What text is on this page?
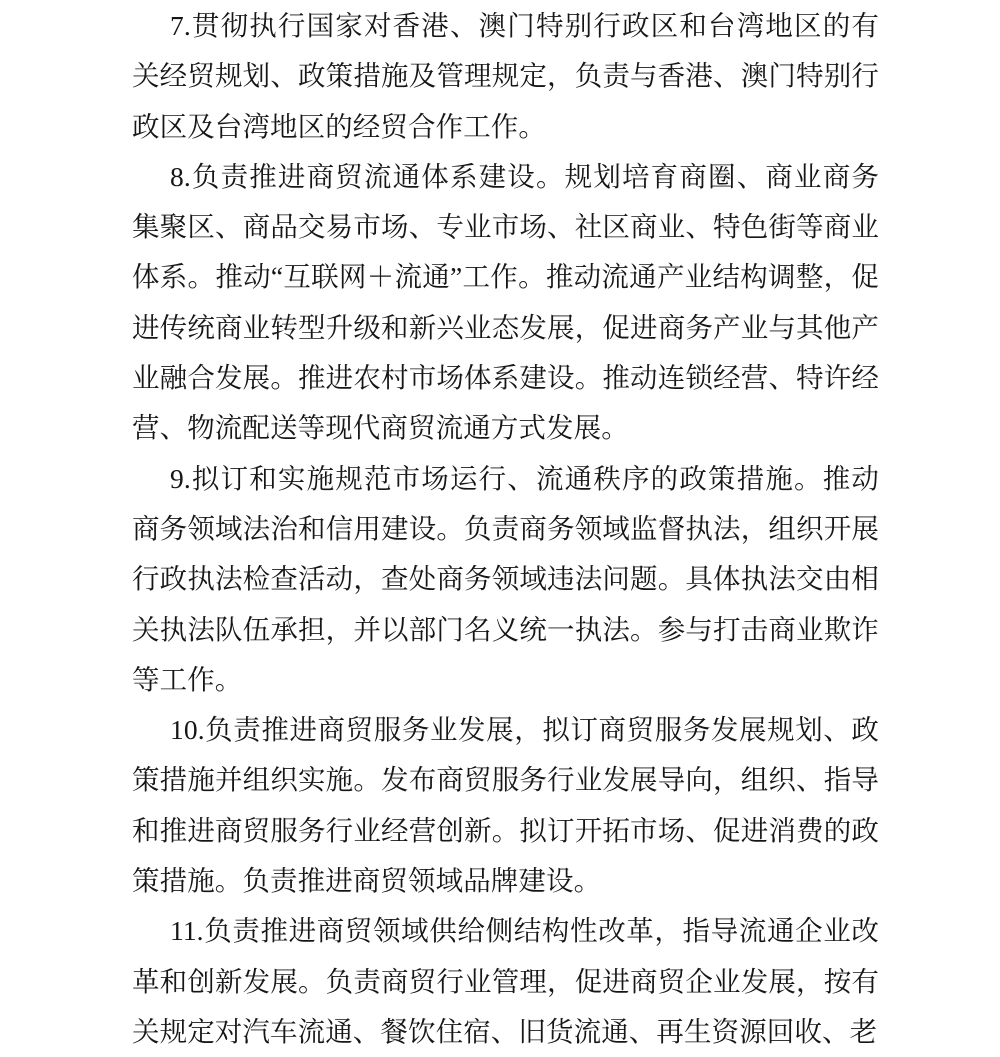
7.贯彻执行国家对香港、澳门特别行政区和台湾地区的有关经贸规划、政策措施及管理规定，负责与香港、澳门特别行政区及台湾地区的经贸合作工作。

8.负责推进商贸流通体系建设。规划培育商圈、商业商务集聚区、商品交易市场、专业市场、社区商业、特色街等商业体系。推动“互联网＋流通”工作。推动流通产业结构调整，促进传统商业转型升级和新兴业态发展，促进商务产业与其他产业融合发展。推进农村市场体系建设。推动连锁经营、特许经营、物流配送等现代商贸流通方式发展。

9.拟订和实施规范市场运行、流通秩序的政策措施。推动商务领域法治和信用建设。负责商务领域监督执法，组织开展行政执法检查活动，查处商务领域违法问题。具体执法交由相关执法队伍承担，并以部门名义统一执法。参与打击商业欺诈等工作。

10.负责推进商贸服务业发展，拟订商贸服务发展规划、政策措施并组织实施。发布商贸服务行业发展导向，组织、指导和推进商贸服务行业经营创新。拟订开拓市场、促进消费的政策措施。负责推进商贸领域品牌建设。

11.负责推进商贸领域供给侧结构性改革，指导流通企业改革和创新发展。负责商贸行业管理，促进商贸企业发展，按有关规定对汽车流通、餐饮住宿、旧货流通、再生资源回收、老
